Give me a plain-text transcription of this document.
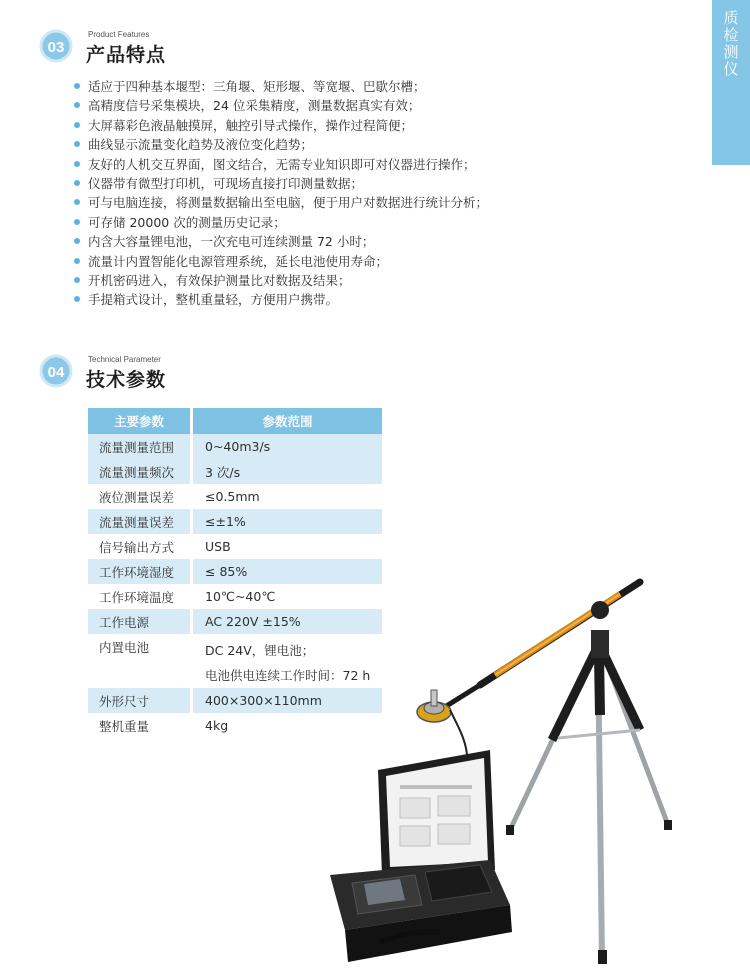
质检测仪
03
Product Features
产品特点
适应于四种基本堰型：三角堰、矩形堰、等宽堰、巴歇尔槽；
高精度信号采集模块，24 位采集精度，测量数据真实有效；
大屏幕彩色液晶触摸屏，触控引导式操作，操作过程简便；
曲线显示流量变化趋势及液位变化趋势；
友好的人机交互界面，图文结合，无需专业知识即可对仪器进行操作；
仪器带有微型打印机，可现场直接打印测量数据；
可与电脑连接，将测量数据输出至电脑，便于用户对数据进行统计分析；
可存储 20000 次的测量历史记录；
内含大容量锂电池，一次充电可连续测量 72 小时；
流量计内置智能化电源管理系统，延长电池使用寿命；
开机密码进入，有效保护测量比对数据及结果；
手提箱式设计，整机重量轻，方便用户携带。
04
Technical Parameter
技术参数
主要参数	参数范围
流量测量范围	0~40m3/s
流量测量频次	3 次/s
液位测量误差	≤0.5mm
流量测量误差	≤±1%
信号输出方式	USB
工作环境湿度	≤ 85%
工作环境温度	10℃~40℃
工作电源	AC 220V ±15%
内置电池	DC 24V，锂电池；
电池供电连续工作时间：72 h

外形尺寸	400×300×110mm
整机重量	4kg
